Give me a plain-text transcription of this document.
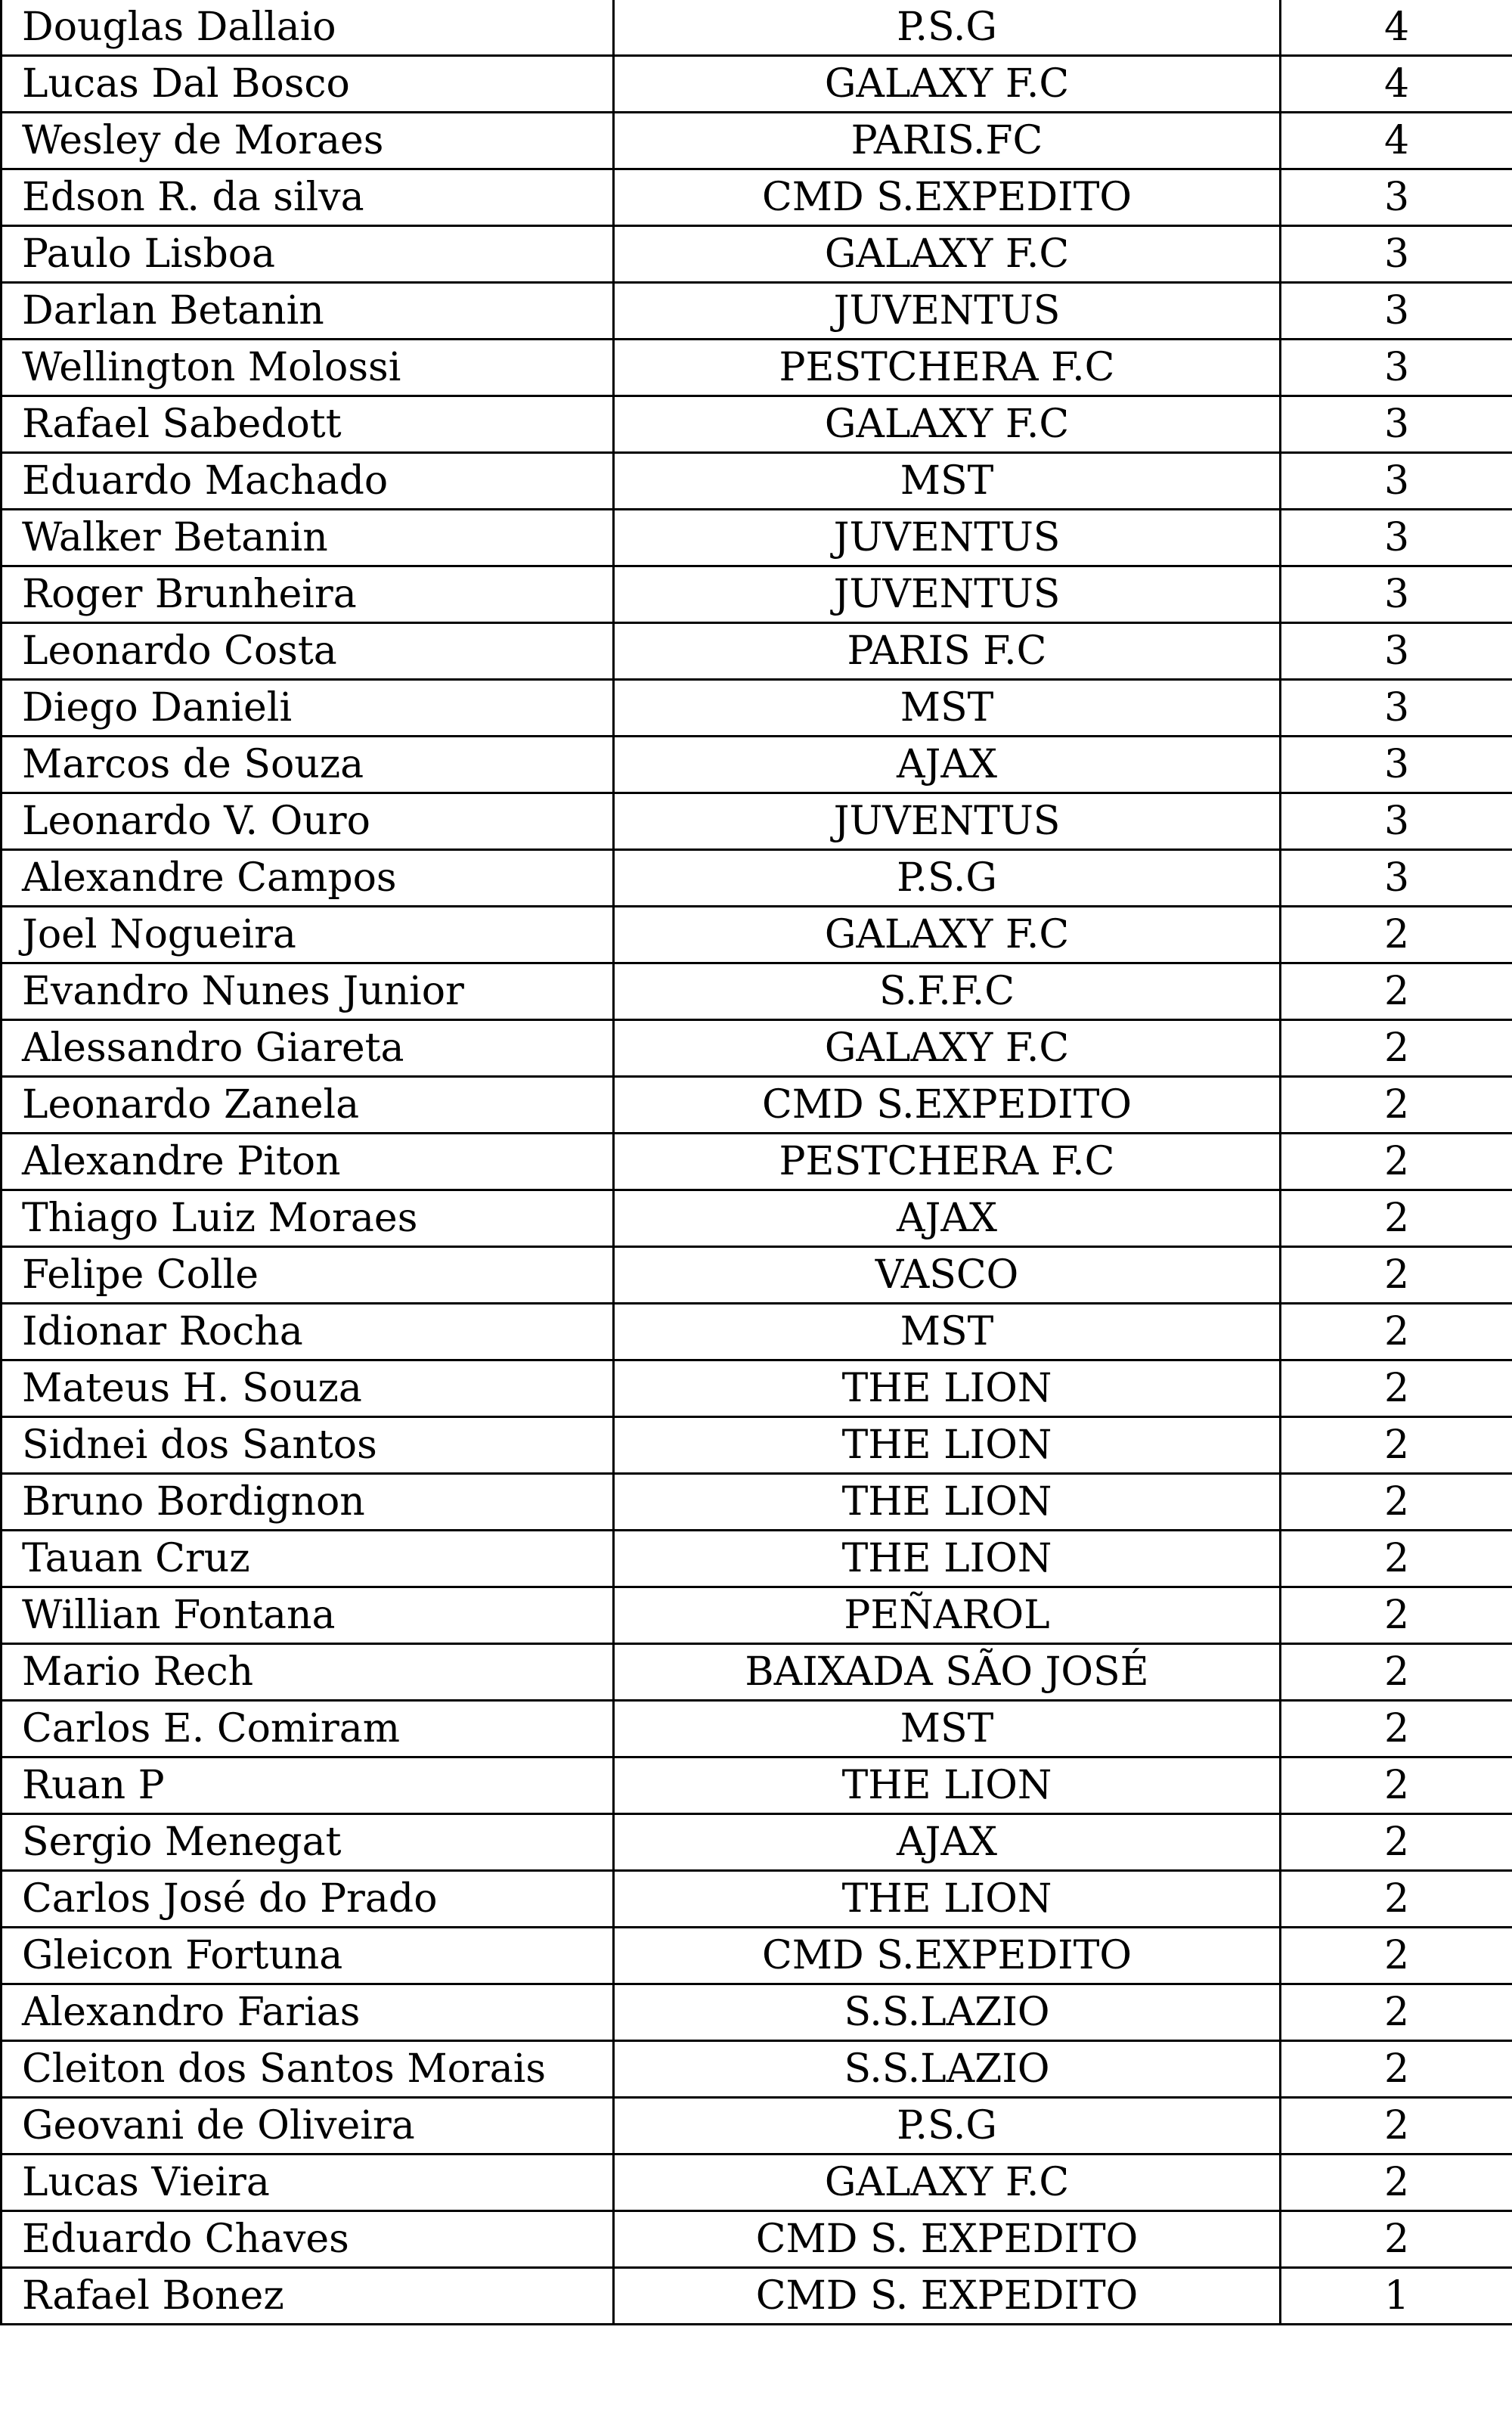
Douglas Dallaio	P.S.G	4
Lucas Dal Bosco	GALAXY F.C	4
Wesley de Moraes	PARIS.FC	4
Edson R. da silva	CMD S.EXPEDITO	3
Paulo Lisboa	GALAXY F.C	3
Darlan Betanin	JUVENTUS	3
Wellington Molossi	PESTCHERA F.C	3
Rafael Sabedott	GALAXY F.C	3
Eduardo Machado	MST	3
Walker Betanin	JUVENTUS	3
Roger Brunheira	JUVENTUS	3
Leonardo Costa	PARIS F.C	3
Diego Danieli	MST	3
Marcos de Souza	AJAX	3
Leonardo V. Ouro	JUVENTUS	3
Alexandre Campos	P.S.G	3
Joel Nogueira	GALAXY F.C	2
Evandro Nunes Junior	S.F.F.C	2
Alessandro Giareta	GALAXY F.C	2
Leonardo Zanela	CMD S.EXPEDITO	2
Alexandre Piton	PESTCHERA F.C	2
Thiago Luiz Moraes	AJAX	2
Felipe Colle	VASCO	2
Idionar Rocha	MST	2
Mateus H. Souza	THE LION	2
Sidnei dos Santos	THE LION	2
Bruno Bordignon	THE LION	2
Tauan Cruz	THE LION	2
Willian Fontana	PEÑAROL	2
Mario Rech	BAIXADA SÃO JOSÉ	2
Carlos E. Comiram	MST	2
Ruan P	THE LION	2
Sergio Menegat	AJAX	2
Carlos José do Prado	THE LION	2
Gleicon Fortuna	CMD S.EXPEDITO	2
Alexandro Farias	S.S.LAZIO	2
Cleiton dos Santos Morais	S.S.LAZIO	2
Geovani de Oliveira	P.S.G	2
Lucas Vieira	GALAXY F.C	2
Eduardo Chaves	CMD S. EXPEDITO	2
Rafael Bonez	CMD S. EXPEDITO	1
